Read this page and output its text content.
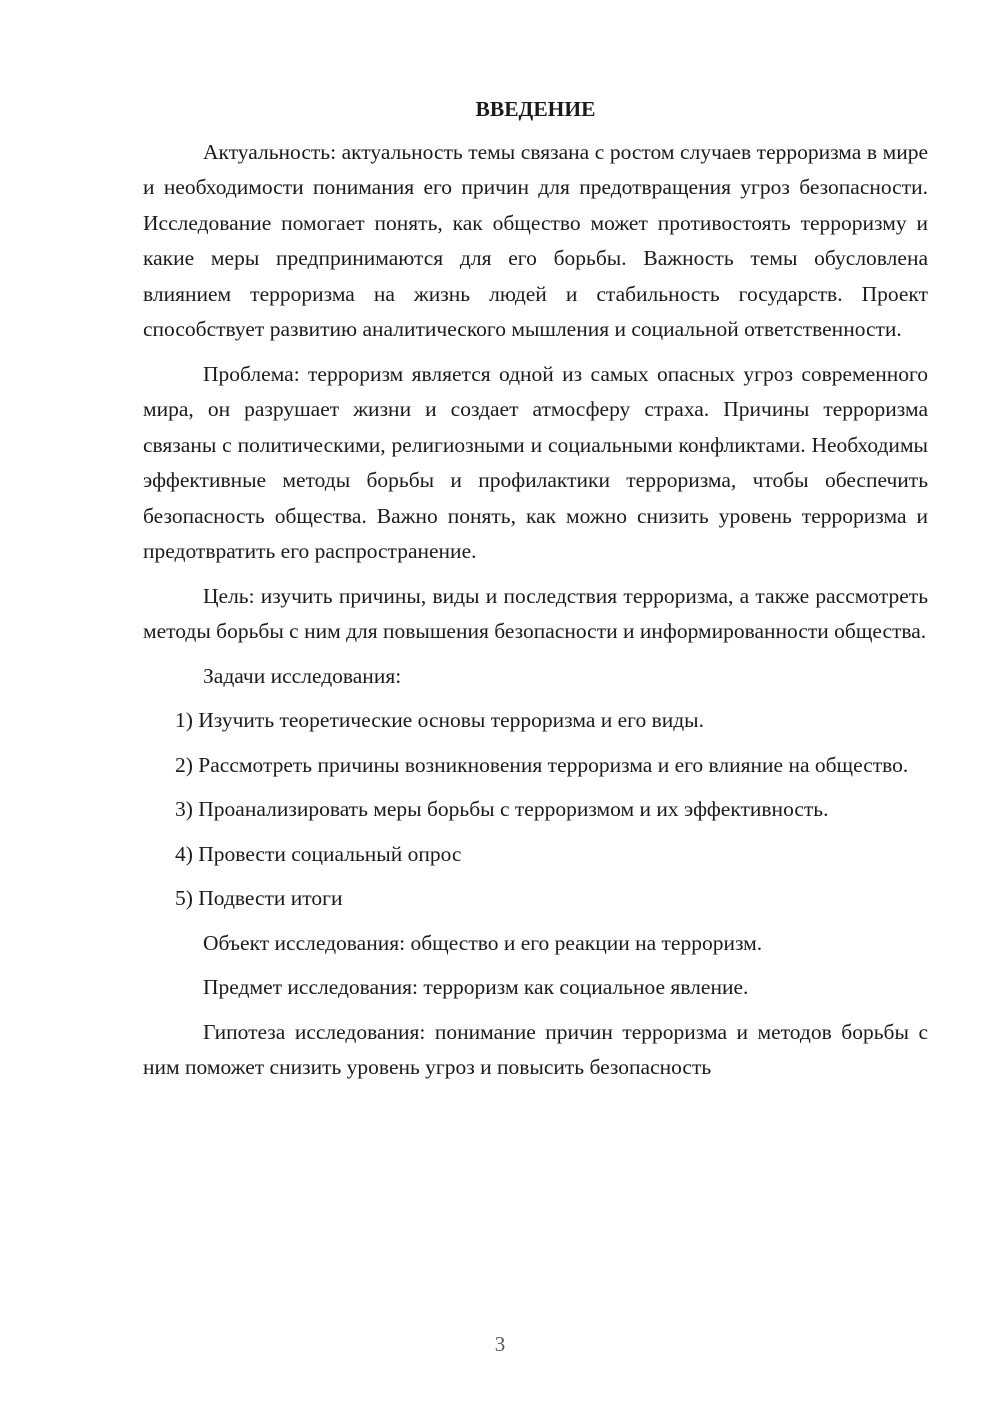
ВВЕДЕНИЕ

Актуальность: актуальность темы связана с ростом случаев терроризма в мире и необходимости понимания его причин для предотвращения угроз безопасности. Исследование помогает понять, как общество может противостоять терроризму и какие меры предпринимаются для его борьбы. Важность темы обусловлена влиянием терроризма на жизнь людей и стабильность государств. Проект способствует развитию аналитического мышления и социальной ответственности.

Проблема: терроризм является одной из самых опасных угроз современного мира, он разрушает жизни и создает атмосферу страха. Причины терроризма связаны с политическими, религиозными и социальными конфликтами. Необходимы эффективные методы борьбы и профилактики терроризма, чтобы обеспечить безопасность общества. Важно понять, как можно снизить уровень терроризма и предотвратить его распространение.

Цель: изучить причины, виды и последствия терроризма, а также рассмотреть методы борьбы с ним для повышения безопасности и информированности общества.

Задачи исследования:

1) Изучить теоретические основы терроризма и его виды.

2) Рассмотреть причины возникновения терроризма и его влияние на общество.

3) Проанализировать меры борьбы с терроризмом и их эффективность.

4) Провести социальный опрос

5) Подвести итоги

Объект исследования: общество и его реакции на терроризм.

Предмет исследования: терроризм как социальное явление.

Гипотеза исследования: понимание причин терроризма и методов борьбы с ним поможет снизить уровень угроз и повысить безопасность

3
